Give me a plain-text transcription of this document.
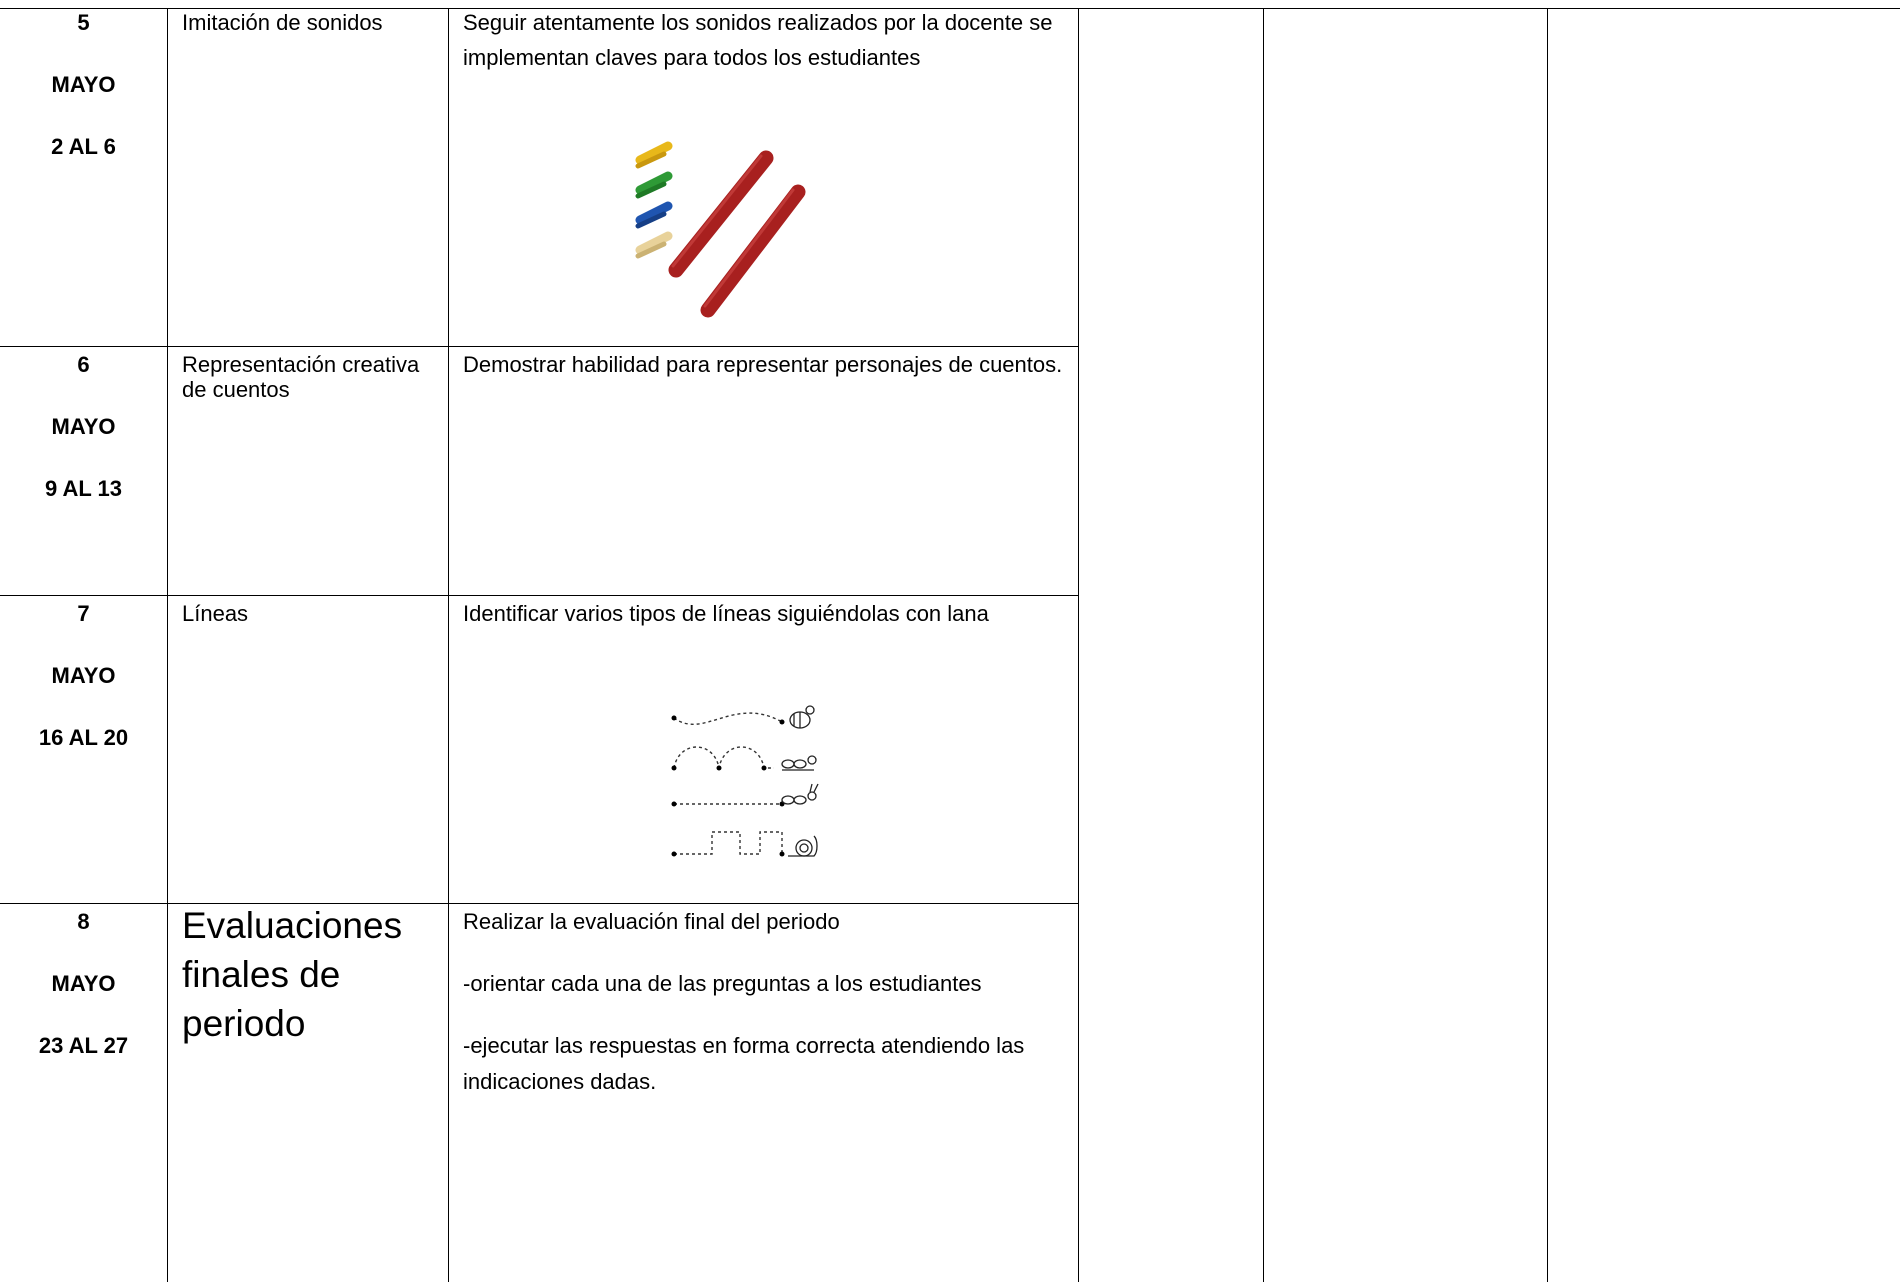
5
MAYO
2 AL 6
Imitación de sonidos	Seguir atentamente los sonidos realizados por la docente se implementan claves para todos los estudiantes

6
MAYO
9 AL 13
Representación creativa de cuentos

Demostrar habilidad para representar personajes de cuentos.

7
MAYO
16 AL 20
Líneas	Identificar varios tipos de líneas siguiéndolas con lana

8
MAYO
23 AL 27
Evaluaciones finales de periodo

Realizar la evaluación final del periodo

-orientar cada una de las preguntas a los estudiantes

-ejecutar las respuestas en forma correcta atendiendo las indicaciones dadas.
